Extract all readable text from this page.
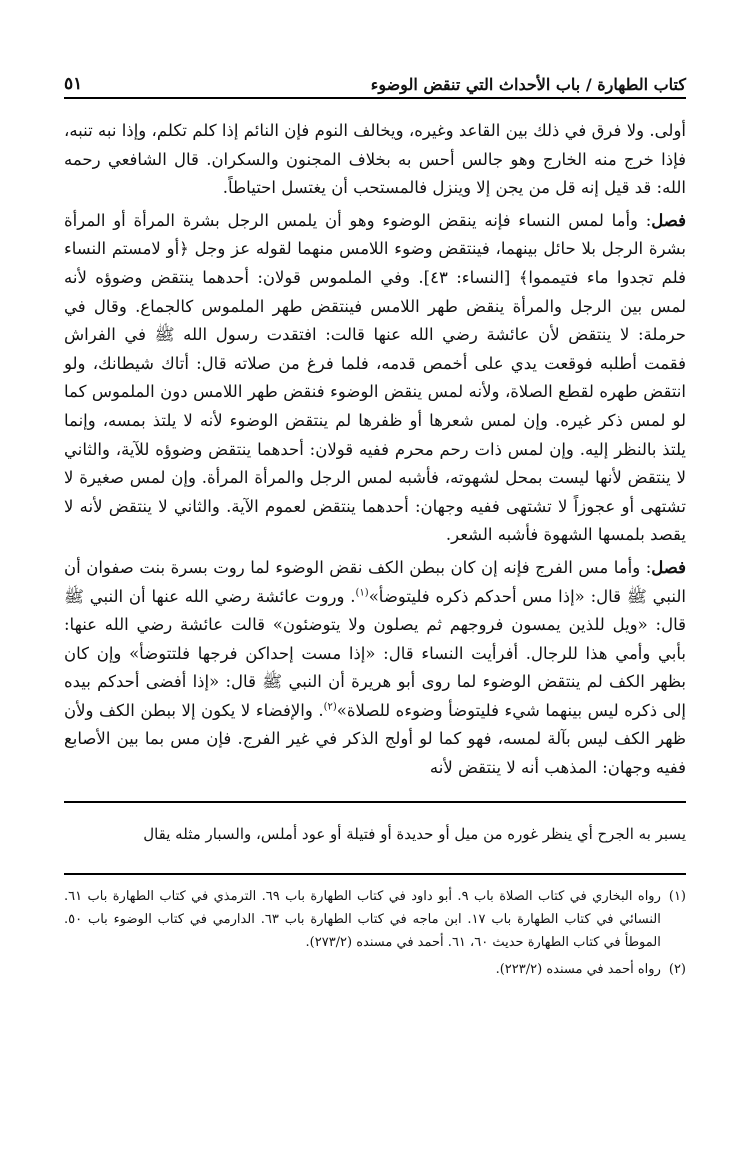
كتاب الطهارة / باب الأحداث التي تنقض الوضوء
٥١

أولى. ولا فرق في ذلك بين القاعد وغيره، ويخالف النوم فإن النائم إذا كلم تكلم، وإذا نبه تنبه، فإذا خرج منه الخارج وهو جالس أحس به بخلاف المجنون والسكران. قال الشافعي رحمه الله: قد قيل إنه قل من يجن إلا وينزل فالمستحب أن يغتسل احتياطاً.

فصل: وأما لمس النساء فإنه ينقض الوضوء وهو أن يلمس الرجل بشرة المرأة أو المرأة بشرة الرجل بلا حائل بينهما، فينتقض وضوء اللامس منهما لقوله عز وجل ﴿أو لامستم النساء فلم تجدوا ماء فتيمموا﴾ [النساء: ٤٣]. وفي الملموس قولان: أحدهما ينتقض وضوؤه لأنه لمس بين الرجل والمرأة ينقض طهر اللامس فينتقض طهر الملموس كالجماع. وقال في حرملة: لا ينتقض لأن عائشة رضي الله عنها قالت: افتقدت رسول الله ﷺ في الفراش فقمت أطلبه فوقعت يدي على أخمص قدمه، فلما فرغ من صلاته قال: أتاك شيطانك، ولو انتقض طهره لقطع الصلاة، ولأنه لمس ينقض الوضوء فنقض طهر اللامس دون الملموس كما لو لمس ذكر غيره. وإن لمس شعرها أو ظفرها لم ينتقض الوضوء لأنه لا يلتذ بمسه، وإنما يلتذ بالنظر إليه. وإن لمس ذات رحم محرم ففيه قولان: أحدهما ينتقض وضوؤه للآية، والثاني لا ينتقض لأنها ليست بمحل لشهوته، فأشبه لمس الرجل والمرأة المرأة. وإن لمس صغيرة لا تشتهى أو عجوزاً لا تشتهى ففيه وجهان: أحدهما ينتقض لعموم الآية. والثاني لا ينتقض لأنه لا يقصد بلمسها الشهوة فأشبه الشعر.

فصل: وأما مس الفرج فإنه إن كان ببطن الكف نقض الوضوء لما روت بسرة بنت صفوان أن النبي ﷺ قال: «إذا مس أحدكم ذكره فليتوضأ»$^{(١)}$. وروت عائشة رضي الله عنها أن النبي ﷺ قال: «ويل للذين يمسون فروجهم ثم يصلون ولا يتوضئون» قالت عائشة رضي الله عنها: بأبي وأمي هذا للرجال. أفرأيت النساء قال: «إذا مست إحداكن فرجها فلتتوضأ» وإن كان بظهر الكف لم ينتقض الوضوء لما روى أبو هريرة أن النبي ﷺ قال: «إذا أفضى أحدكم بيده إلى ذكره ليس بينهما شيء فليتوضأ وضوءه للصلاة»$^{(٢)}$. والإفضاء لا يكون إلا ببطن الكف ولأن ظهر الكف ليس بآلة لمسه، فهو كما لو أولج الذكر في غير الفرج. فإن مس بما بين الأصابع ففيه وجهان: المذهب أنه لا ينتقض لأنه

يسبر به الجرح أي ينظر غوره من ميل أو حديدة أو فتيلة أو عود أملس، والسبار مثله يقال
(١)
رواه البخاري في كتاب الصلاة باب ٩. أبو داود في كتاب الطهارة باب ٦٩. الترمذي في كتاب الطهارة باب ٦١. النسائي في كتاب الطهارة باب ١٧. ابن ماجه في كتاب الطهارة باب ٦٣. الدارمي في كتاب الوضوء باب ٥٠. الموطأ في كتاب الطهارة حديث ٦٠، ٦١. أحمد في مسنده (٢٧٣/٢).
(٢)
رواه أحمد في مسنده (٢٢٣/٢).
